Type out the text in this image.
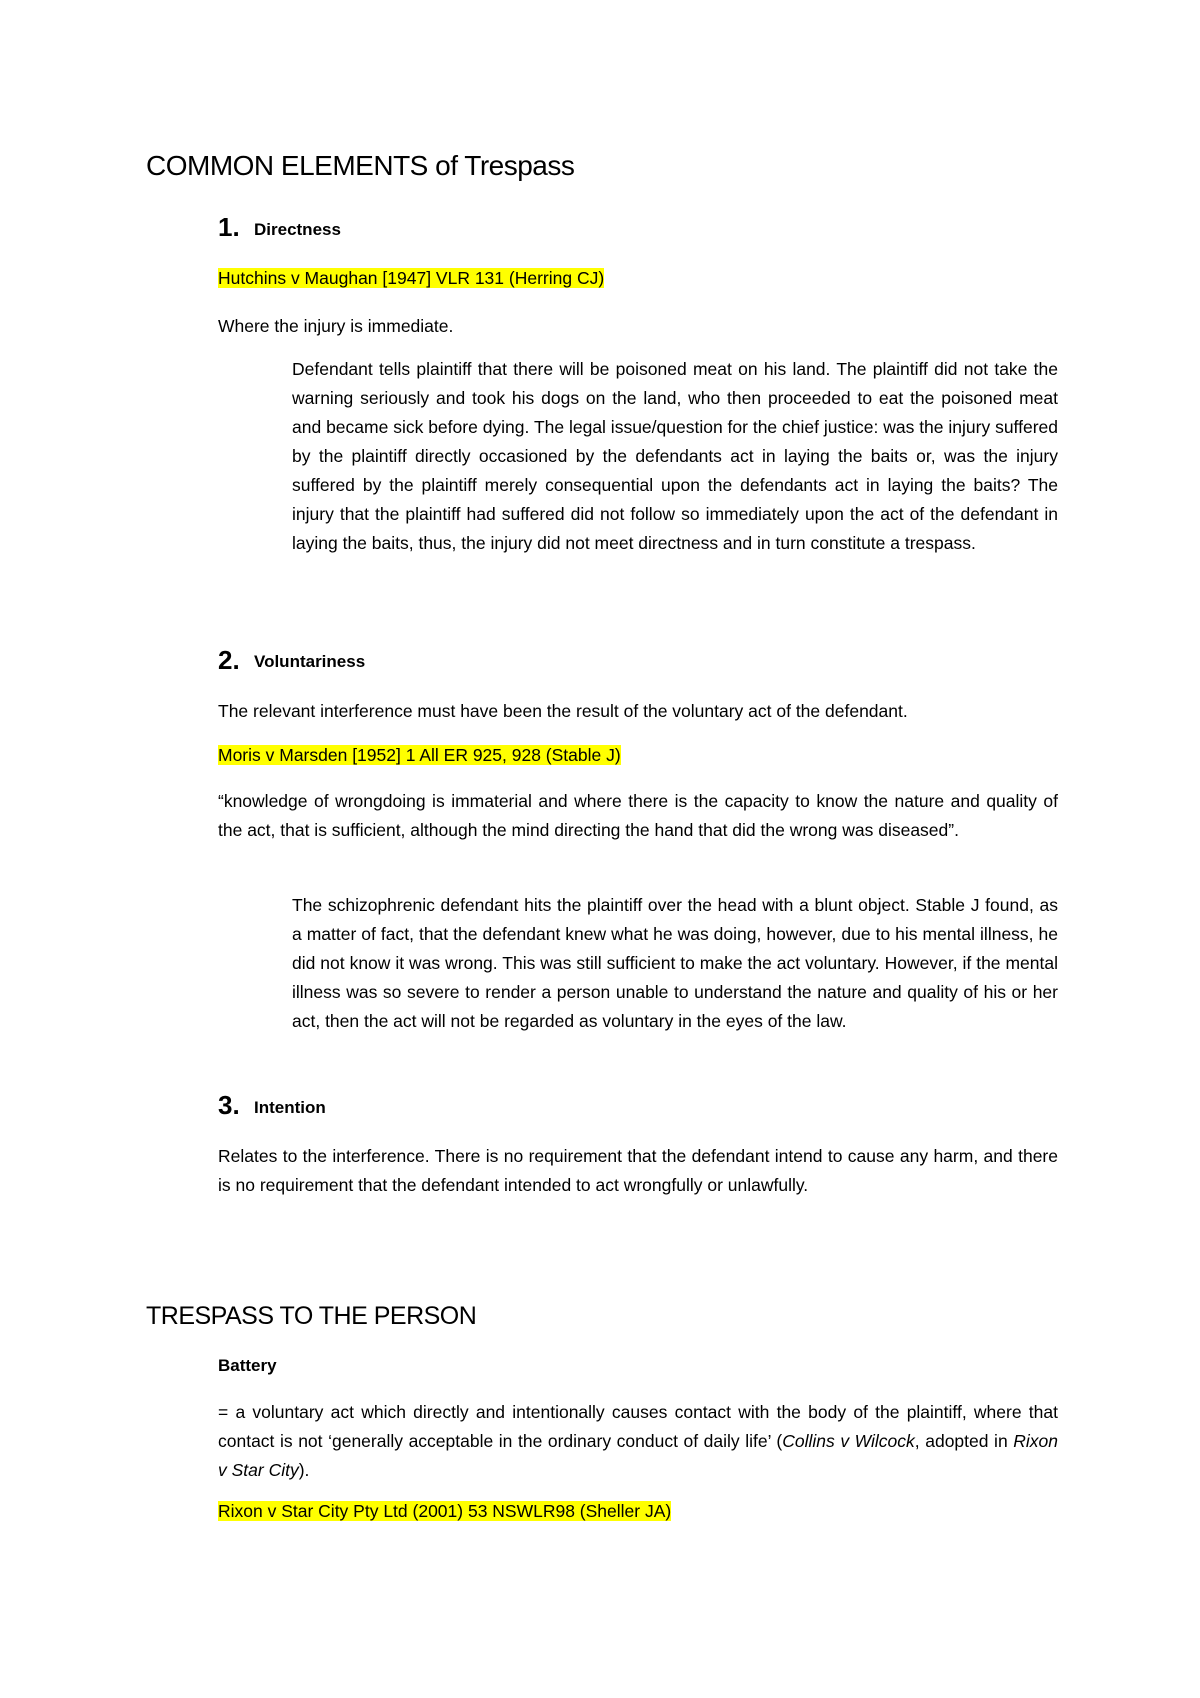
COMMON ELEMENTS of Trespass
1. Directness
Hutchins v Maughan [1947] VLR 131 (Herring CJ)
Where the injury is immediate.
Defendant tells plaintiff that there will be poisoned meat on his land. The plaintiff did not take the warning seriously and took his dogs on the land, who then proceeded to eat the poisoned meat and became sick before dying. The legal issue/question for the chief justice: was the injury suffered by the plaintiff directly occasioned by the defendants act in laying the baits or, was the injury suffered by the plaintiff merely consequential upon the defendants act in laying the baits? The injury that the plaintiff had suffered did not follow so immediately upon the act of the defendant in laying the baits, thus, the injury did not meet directness and in turn constitute a trespass.
2. Voluntariness
The relevant interference must have been the result of the voluntary act of the defendant.
Moris v Marsden [1952] 1 All ER 925, 928 (Stable J)
“knowledge of wrongdoing is immaterial and where there is the capacity to know the nature and quality of the act, that is sufficient, although the mind directing the hand that did the wrong was diseased”.
The schizophrenic defendant hits the plaintiff over the head with a blunt object. Stable J found, as a matter of fact, that the defendant knew what he was doing, however, due to his mental illness, he did not know it was wrong. This was still sufficient to make the act voluntary. However, if the mental illness was so severe to render a person unable to understand the nature and quality of his or her act, then the act will not be regarded as voluntary in the eyes of the law.
3. Intention
Relates to the interference. There is no requirement that the defendant intend to cause any harm, and there is no requirement that the defendant intended to act wrongfully or unlawfully.
TRESPASS TO THE PERSON
Battery
= a voluntary act which directly and intentionally causes contact with the body of the plaintiff, where that contact is not ‘generally acceptable in the ordinary conduct of daily life’ (Collins v Wilcock, adopted in Rixon v Star City).
Rixon v Star City Pty Ltd (2001) 53 NSWLR98 (Sheller JA)
